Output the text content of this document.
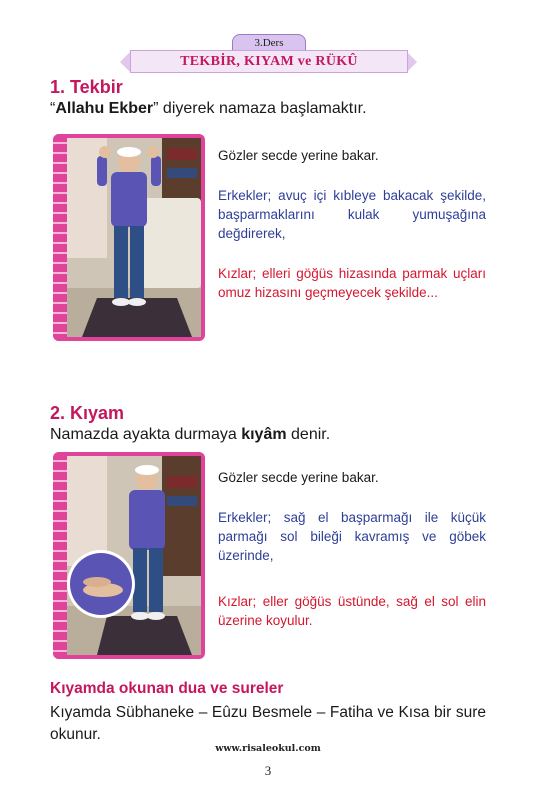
3.Ders
TEKBİR, KIYAM ve RÜKÛ
1. Tekbir
“Allahu Ekber” diyerek namaza başlamaktır.
Gözler secde yerine bakar.
Erkekler; avuç içi kıbleye bakacak şekilde, başparmaklarını kulak yumuşağına değdirerek,
Kızlar; elleri göğüs hizasında parmak uçları omuz hizasını geçmeyecek şekilde...
2. Kıyam
Namazda ayakta durmaya kıyâm denir.
Gözler secde yerine bakar.
Erkekler; sağ el başparmağı ile küçük parmağı sol bileği kavramış ve göbek üzerinde,
Kızlar; eller göğüs üstünde, sağ el sol elin üzerine koyulur.
Kıyamda okunan dua ve sureler
Kıyamda Sübhaneke – Eûzu Besmele – Fatiha ve Kısa bir sure okunur.
www.risaleokul.com
3
